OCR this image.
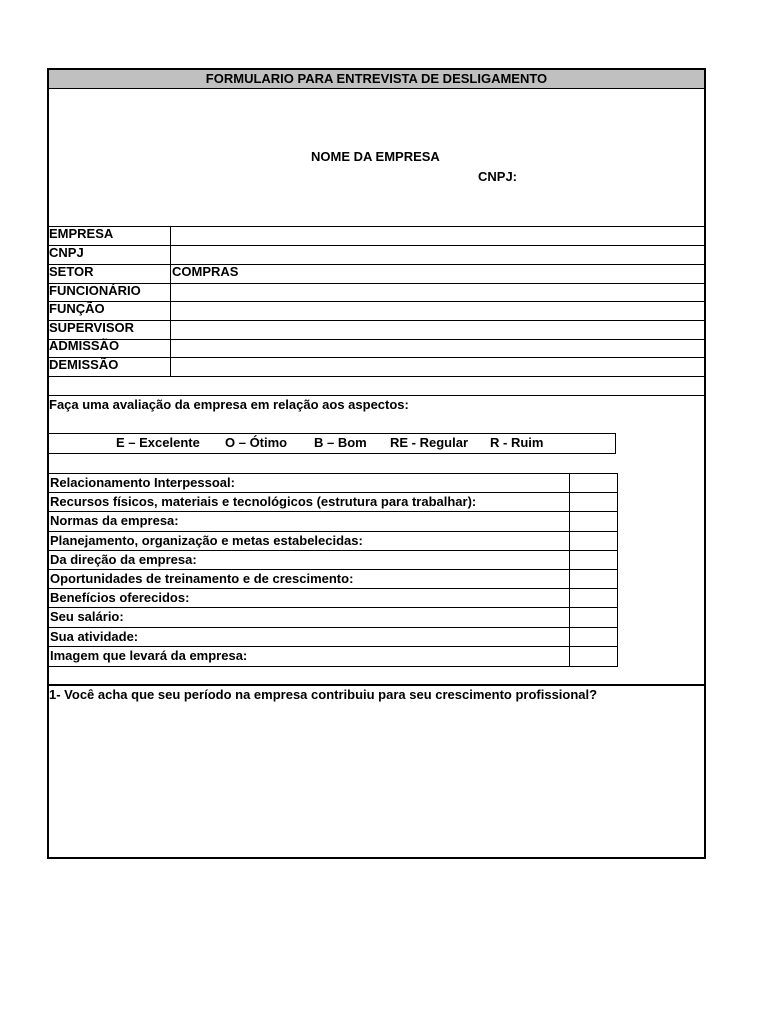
FORMULARIO PARA ENTREVISTA DE DESLIGAMENTO
NOME DA EMPRESA
CNPJ:
EMPRESA
CNPJ
SETOR	COMPRAS
FUNCIONÁRIO
FUNÇÃO
SUPERVISOR
ADMISSÃO
DEMISSÃO
Faça uma avaliação da empresa em relação aos aspectos:
E – Excelente O – Ótimo B – Bom RE - Regular R - Ruim
Relacionamento Interpessoal:
Recursos físicos, materiais e tecnológicos (estrutura para trabalhar):
Normas da empresa:
Planejamento, organização e metas estabelecidas:
Da direção da empresa:
Oportunidades de treinamento e de crescimento:
Benefícios oferecidos:
Seu salário:
Sua atividade:
Imagem que levará da empresa:
1- Você acha que seu período na empresa contribuiu para seu crescimento profissional?
